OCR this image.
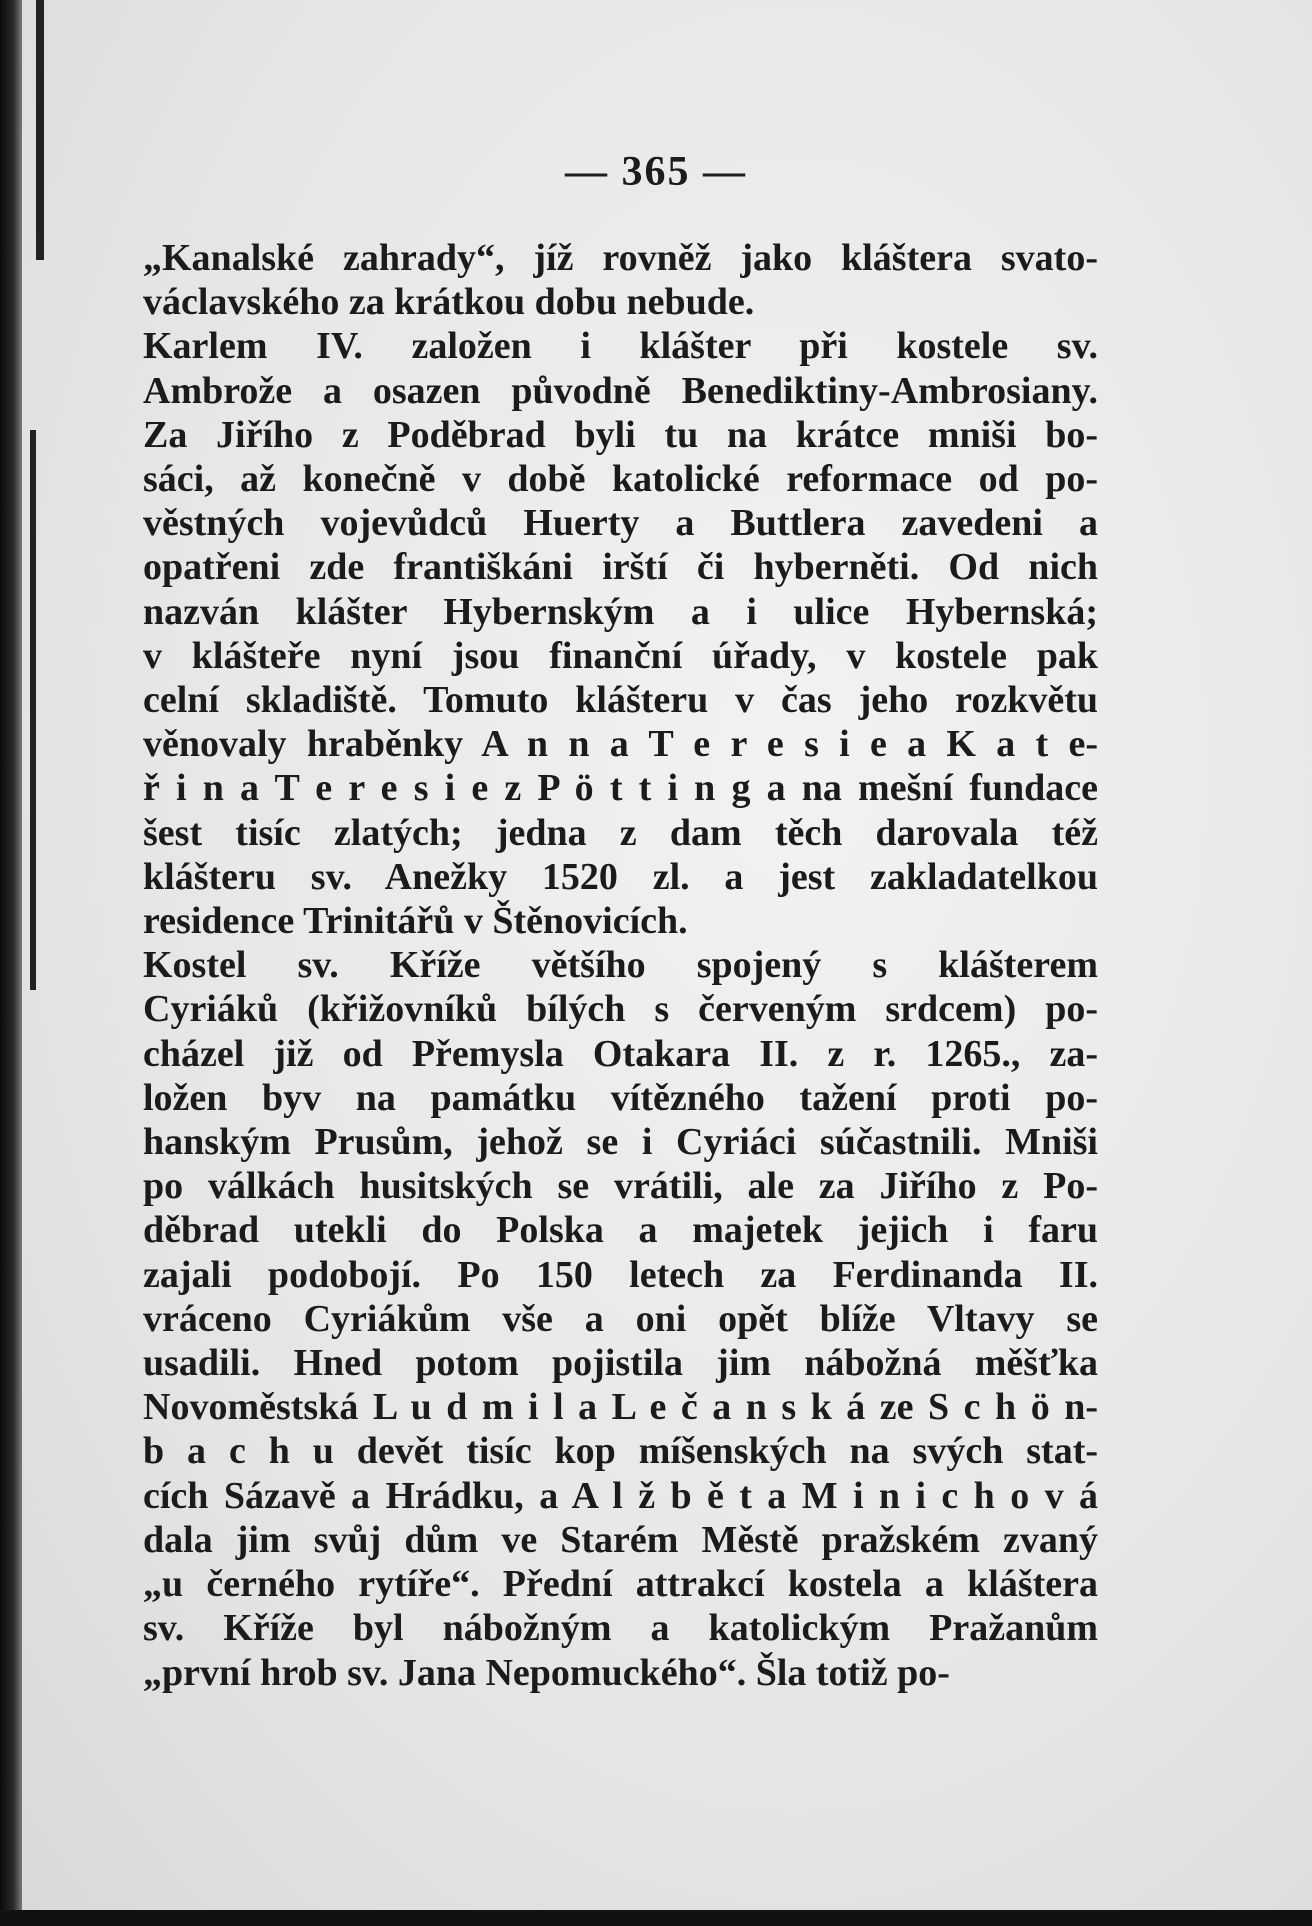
— 365 —
„Kanalské zahrady“, jíž rovněž jako kláštera svato-
václavského za krátkou dobu nebude.
Karlem IV. založen i klášter při kostele sv.
Ambrože a osazen původně Benediktiny-Ambrosiany.
Za Jiřího z Poděbrad byli tu na krátce mniši bo-
sáci, až konečně v době katolické reformace od po-
věstných vojevůdců Huerty a Buttlera zavedeni a
opatřeni zde františkáni irští či hyberněti. Od nich
nazván klášter Hybernským a i ulice Hybernská;
v klášteře nyní jsou finanční úřady, v kostele pak
celní skladiště. Tomuto klášteru v čas jeho rozkvětu
věnovaly hraběnky A n n a T e r e s i e a K a t e-
ř i n a T e r e s i e z P ö t t i n g a na mešní fundace
šest tisíc zlatých; jedna z dam těch darovala též
klášteru sv. Anežky 1520 zl. a jest zakladatelkou
residence Trinitářů v Štěnovicích.
Kostel sv. Kříže většího spojený s klášterem
Cyriáků (křižovníků bílých s červeným srdcem) po-
cházel již od Přemysla Otakara II. z r. 1265., za-
ložen byv na památku vítězného tažení proti po-
hanským Prusům, jehož se i Cyriáci súčastnili. Mniši
po válkách husitských se vrátili, ale za Jiřího z Po-
děbrad utekli do Polska a majetek jejich i faru
zajali podobojí. Po 150 letech za Ferdinanda II.
vráceno Cyriákům vše a oni opět blíže Vltavy se
usadili. Hned potom pojistila jim nábožná měšťka
Novoměstská L u d m i l a L e č a n s k á ze S c h ö n-
b a c h u devět tisíc kop míšenských na svých stat-
cích Sázavě a Hrádku, a A l ž b ě t a M i n i c h o v á
dala jim svůj dům ve Starém Městě pražském zvaný
„u černého rytíře“. Přední attrakcí kostela a kláštera
sv. Kříže byl nábožným a katolickým Pražanům
„první hrob sv. Jana Nepomuckého“. Šla totiž po-
